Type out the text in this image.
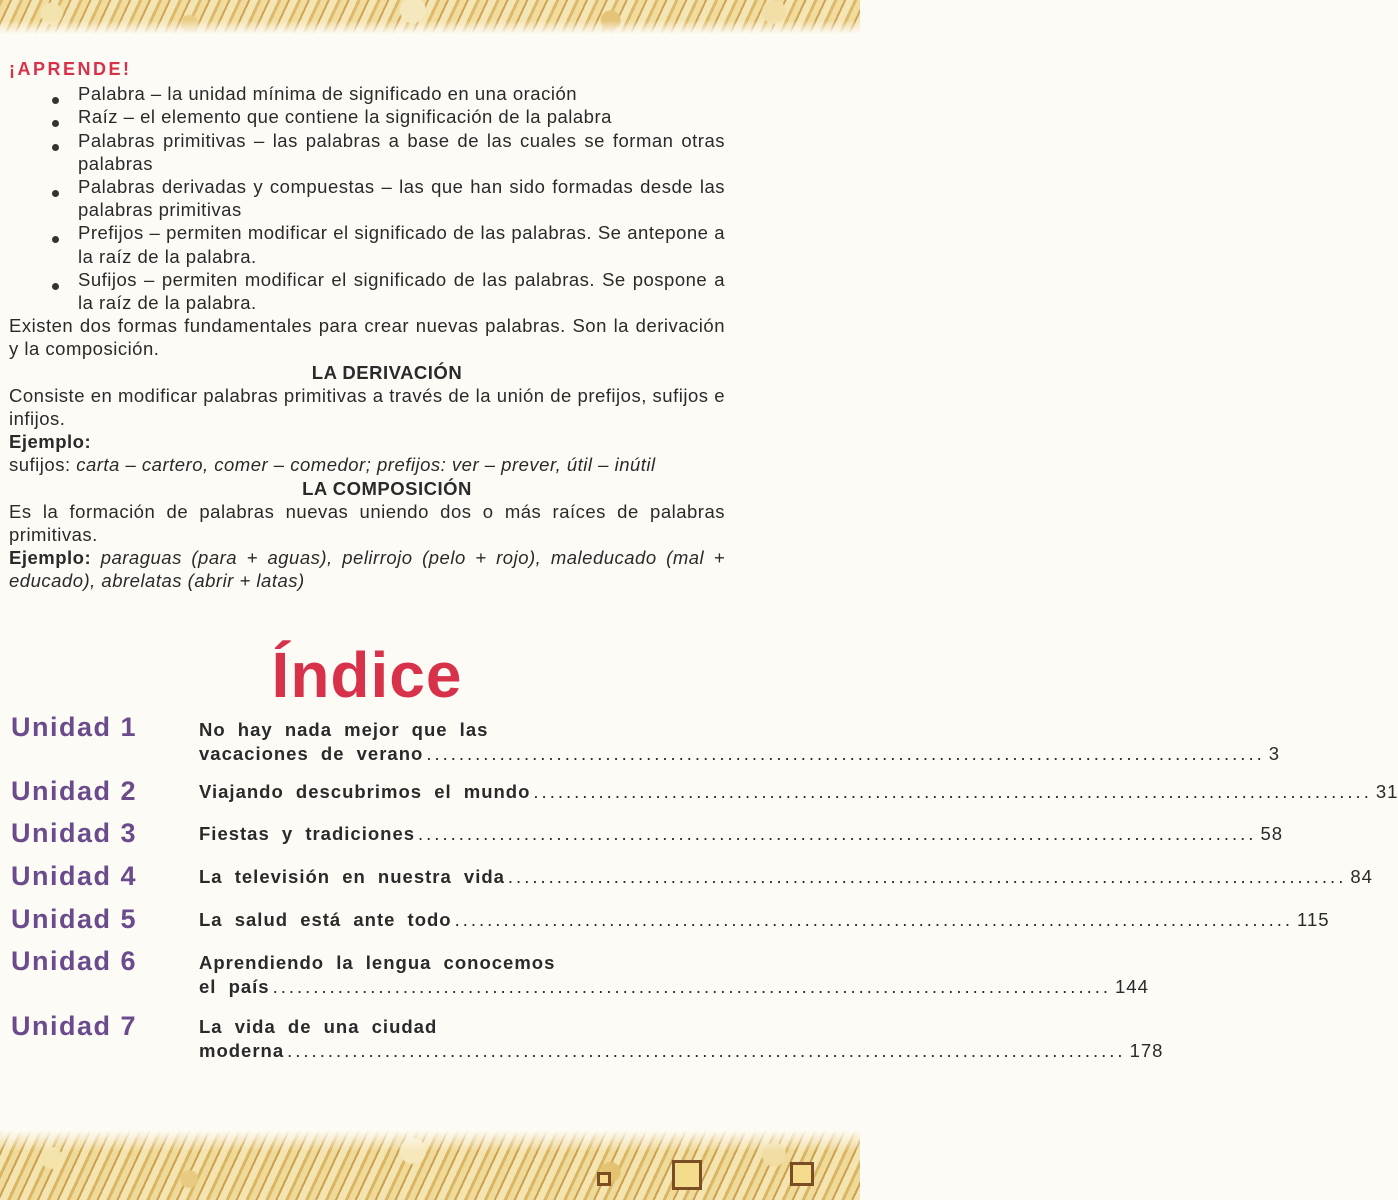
¡APRENDE!
Palabra – la unidad mínima de significado en una oración
Raíz – el elemento que contiene la significación de la palabra
Palabras primitivas – las palabras a base de las cuales se forman otras palabras
Palabras derivadas y compuestas – las que han sido formadas desde las palabras primitivas
Prefijos – permiten modificar el significado de las palabras. Se antepone a la raíz de la palabra.
Sufijos – permiten modificar el significado de las palabras. Se pospone a la raíz de la palabra.

Existen dos formas fundamentales para crear nuevas palabras. Son la derivación y la composición.

LA DERIVACIÓN

Consiste en modificar palabras primitivas a través de la unión de prefijos, sufijos e infijos.

Ejemplo:

sufijos: carta – cartero, comer – comedor; prefijos: ver – prever, útil – inútil

LA COMPOSICIÓN

Es la formación de palabras nuevas uniendo dos o más raíces de palabras primitivas.

Ejemplo: paraguas (para + aguas), pelirrojo (pelo + rojo), maleducado (mal + educado), abrelatas (abrir + latas)

Índice
Unidad 1	No hay nada mejor que las
vacaciones de verano .....	3
Unidad 2	Viajando descubrimos el mundo .....	31
Unidad 3	Fiestas y tradiciones .....	58
Unidad 4	La televisión en nuestra vida .....	84
Unidad 5	La salud está ante todo .....	115
Unidad 6	Aprendiendo la lengua conocemos
el país .....	144
Unidad 7	La vida de una ciudad
moderna .....	178
